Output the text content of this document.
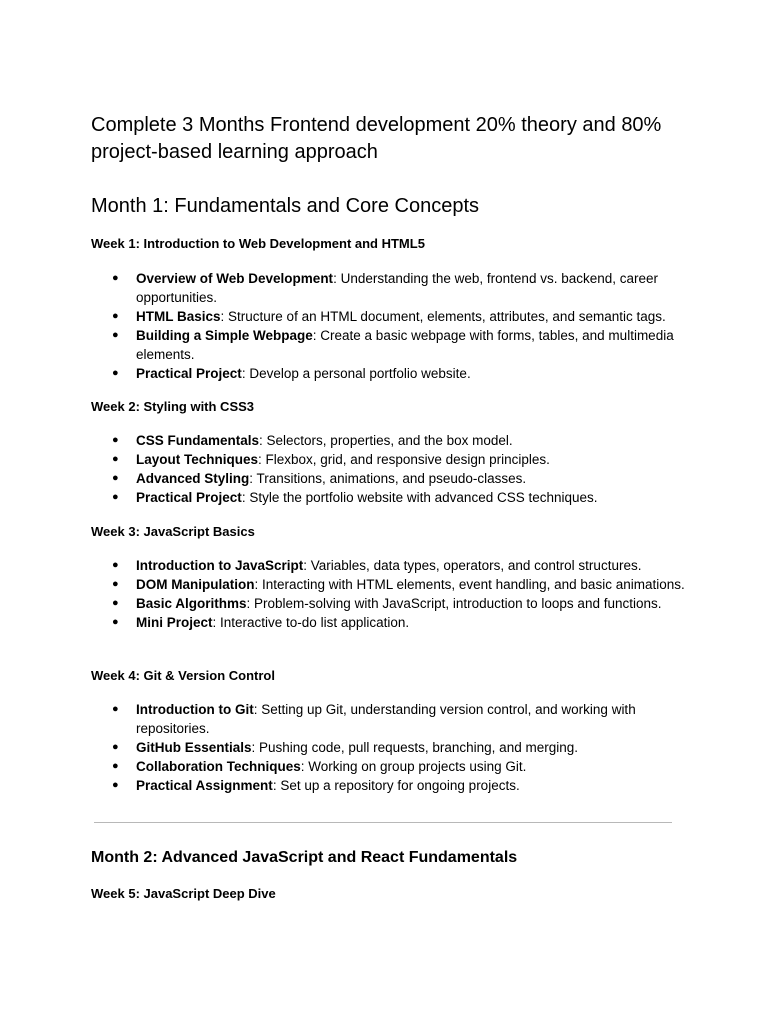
Complete 3 Months Frontend development 20% theory and 80% project-based learning approach
Month 1: Fundamentals and Core Concepts
Week 1: Introduction to Web Development and HTML5
● Overview of Web Development: Understanding the web, frontend vs. backend, career opportunities.
● HTML Basics: Structure of an HTML document, elements, attributes, and semantic tags.
● Building a Simple Webpage: Create a basic webpage with forms, tables, and multimedia elements.
● Practical Project: Develop a personal portfolio website.
Week 2: Styling with CSS3
● CSS Fundamentals: Selectors, properties, and the box model.
● Layout Techniques: Flexbox, grid, and responsive design principles.
● Advanced Styling: Transitions, animations, and pseudo-classes.
● Practical Project: Style the portfolio website with advanced CSS techniques.
Week 3: JavaScript Basics
● Introduction to JavaScript: Variables, data types, operators, and control structures.
● DOM Manipulation: Interacting with HTML elements, event handling, and basic animations.
● Basic Algorithms: Problem-solving with JavaScript, introduction to loops and functions.
● Mini Project: Interactive to-do list application.
Week 4: Git & Version Control
● Introduction to Git: Setting up Git, understanding version control, and working with repositories.
● GitHub Essentials: Pushing code, pull requests, branching, and merging.
● Collaboration Techniques: Working on group projects using Git.
● Practical Assignment: Set up a repository for ongoing projects.
Month 2: Advanced JavaScript and React Fundamentals
Week 5: JavaScript Deep Dive
